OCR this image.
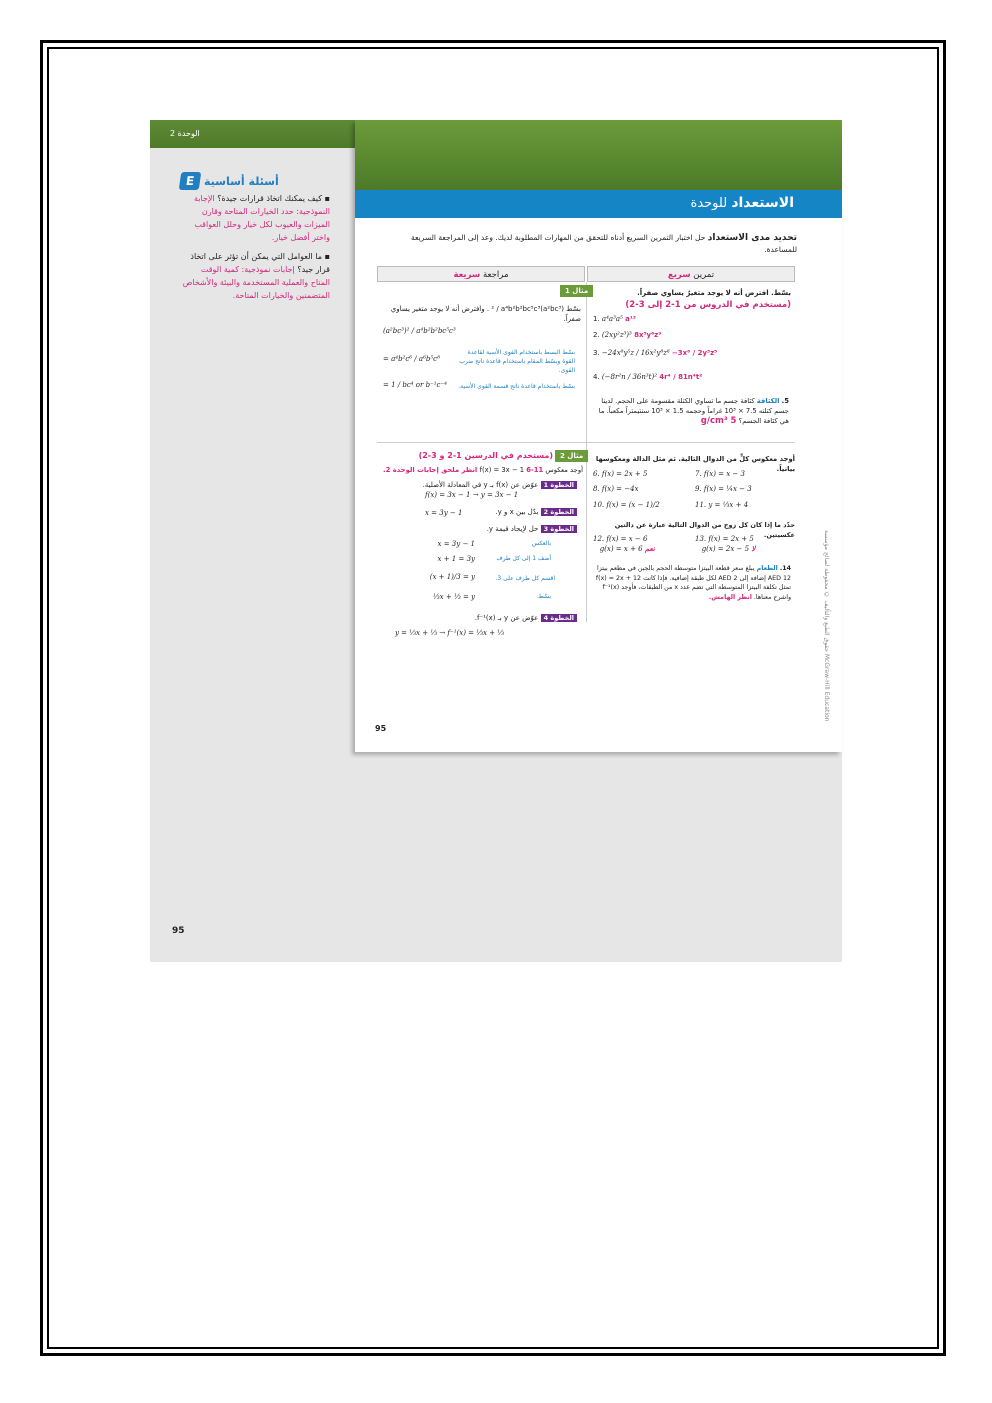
الوحدة 2
أسئلة أساسية
E
▪ كيف يمكنك اتخاذ قرارات جيدة؟ الإجابة النموذجية: حدد الخيارات المتاحة وقارن الميزات والعيوب لكل خيار وحلل العواقب واختر أفضل خيار.
▪ ما العوامل التي يمكن أن تؤثر على اتخاذ قرار جيد؟ إجابات نموذجية: كمية الوقت المتاح والعملية المستخدمة والبيئة والأشخاص المتضمنين والخيارات المتاحة.
95
الاستعداد للوحدة
تحديد مدى الاستعداد حل اختبار التمرين السريع أدناه للتحقق من المهارات المطلوبة لديك. وعد إلى المراجعة السريعة للمساعدة.
تمرين سريع
مراجعة سريعة
بسّط. افترض أنه لا يوجد متغيرٌ يساوي صفراً.
(مستخدم في الدروس من 1-2 إلى 3-2)
1. a⁴a³a⁵ a¹²
2. (2xy²z³)³ 8x³y⁶z⁹
3. −24x⁸y⁵z / 16x²y⁸z⁶ −3x⁶ / 2y³z⁵
4. (−8r²n / 36n³t)² 4r⁴ / 81n⁴t²
5. الكثافة كثافة جسم ما تساوي الكتلة مقسومة على الحجم. لدينا جسم كتلته 7.5 × 10³ غراماً وحجمه 1.5 × 10³ سنتيمتراً مكعباً. ما هي كثافة الجسم؟ 5 g/cm³
مثال 1
بسّط (a²bc³)² / a⁴b²b²bc⁵c³ . وافترض أنه لا يوجد متغير يساوي صفراً.
(a²bc³)² / a⁴b²b²bc⁵c³
= a⁴b²c⁶ / a⁶b⁵c⁸
= 1 / bc⁴ or b⁻¹c⁻⁴
بسّط البسط باستخدام القوى الأسية لقاعدة القوة وبسّط المقام باستخدام قاعدة ناتج ضرب القوى.
بسّط باستخدام قاعدة ناتج قسمة القوى الأسية.
أوجد معكوس كلٍّ من الدوال التالية. ثم مثل الدالة ومعكوسها بيانياً.
6. f(x) = 2x + 5	7. f(x) = x − 3
8. f(x) = −4x	9. f(x) = ¼x − 3
10. f(x) = (x − 1)/2	11. y = ⅓x + 4
حدّد ما إذا كان كل زوج من الدوال التالية عبارة عن دالتين عكسيتين.
12. f(x) = x − 6
g(x) = x + 6 نعم
13. f(x) = 2x + 5
g(x) = 2x − 5 لا
14. الطعام يبلغ سعر قطعة البيتزا متوسطة الحجم بالجبن في مطعم بيتزا AED 12 إضافة إلى AED 2 لكل طبقة إضافية. فإذا كانت f(x) = 2x + 12 تمثل تكلفة البيتزا المتوسطة التي تضم عدد x من الطبقات، فأوجد f⁻¹(x) واشرح معناها. انظر الهامش.
مثال 2
(مستخدم في الدرسين 1-2 و 3-2)
أوجد معكوس f(x) = 3x − 1 6-11 انظر ملحق إجابات الوحدة 2.
الخطوة 1 عوّض عن f(x) بـ y في المعادلة الأصلية.
f(x) = 3x − 1 → y = 3x − 1
الخطوة 2 بدّل بين x و y.
x = 3y − 1
الخطوة 3 حل لإيجاد قيمة y.
x = 3y − 1	بالعكس
x + 1 = 3y	أضف 1 إلى كل طرف
(x + 1)/3 = y	اقسم كل طرف على 3.
⅓x + ⅓ = y	بسّط.
الخطوة 4 عوّض عن y بـ f⁻¹(x).
y = ⅓x + ⅓ → f⁻¹(x) = ⅓x + ⅓	حقوق الطبع والتأليف © محفوظة لصالح مؤسسة McGraw-Hill Education
95
